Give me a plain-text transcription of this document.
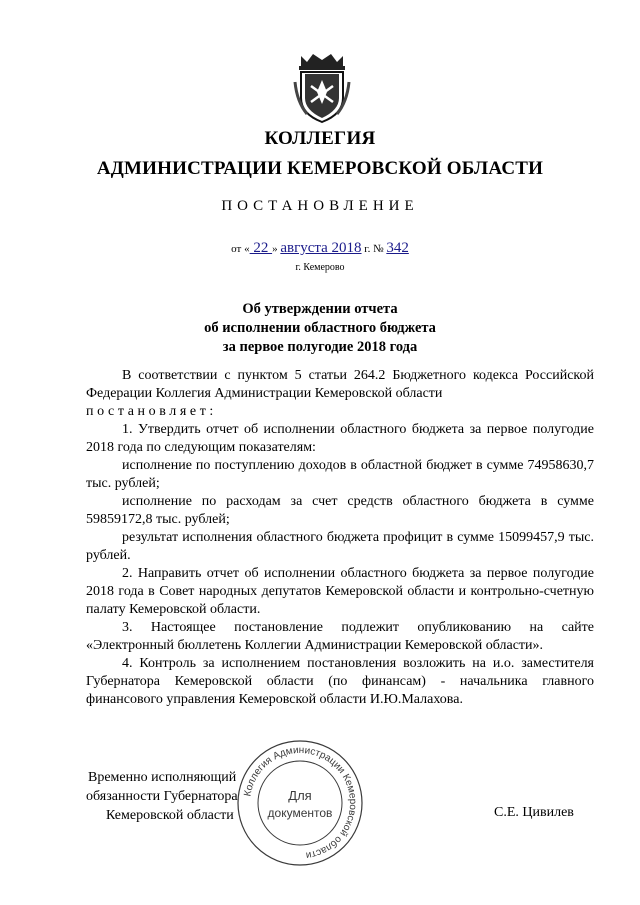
КОЛЛЕГИЯ
АДМИНИСТРАЦИИ КЕМЕРОВСКОЙ ОБЛАСТИ
ПОСТАНОВЛЕНИЕ
от « 22 » августа 2018 г. № 342
г. Кемерово
Об утверждении отчета
об исполнении областного бюджета
за первое полугодие 2018 года

В соответствии с пунктом 5 статьи 264.2 Бюджетного кодекса Российской Федерации Коллегия Администрации Кемеровской области

постановляет:

1. Утвердить отчет об исполнении областного бюджета за первое полугодие 2018 года по следующим показателям:

исполнение по поступлению доходов в областной бюджет в сумме 74958630,7 тыс. рублей;

исполнение по расходам за счет средств областного бюджета в сумме 59859172,8 тыс. рублей;

результат исполнения областного бюджета профицит в сумме 15099457,9 тыс. рублей.

2. Направить отчет об исполнении областного бюджета за первое полугодие 2018 года в Совет народных депутатов Кемеровской области и контрольно-счетную палату Кемеровской области.

3. Настоящее постановление подлежит опубликованию на сайте «Электронный бюллетень Коллегии Администрации Кемеровской области».

4. Контроль за исполнением постановления возложить на и.о. заместителя Губернатора Кемеровской области (по финансам) - начальника главного финансового управления Кемеровской области И.Ю.Малахова.

Временно исполняющий
обязанности Губернатора
Кемеровской области	С.Е. Цивилев
Коллегия Администрации Кемеровской области
Для
документов
